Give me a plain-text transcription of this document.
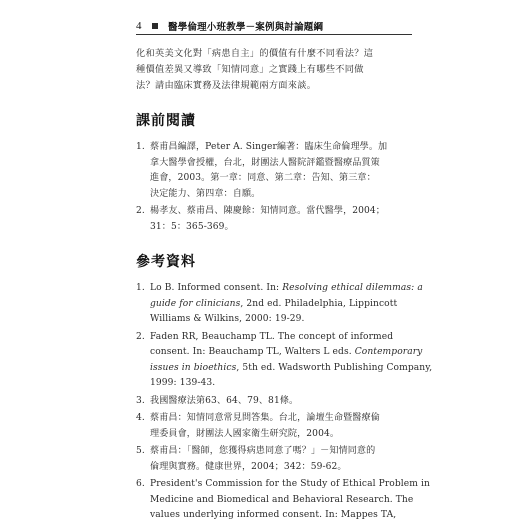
4	醫學倫理小班教學－案例與討論題綱

化和英美文化對「病患自主」的價值有什麼不同看法？這
種價值差異又導致「知情同意」之實踐上有哪些不同做
法？請由臨床實務及法律規範兩方面來談。

課前閱讀
1. 蔡甫昌編譯，Peter A. Singer編著：臨床生命倫理學。加
拿大醫學會授權，台北，財團法人醫院評鑑暨醫療品質策
進會，2003。第一章：同意、第二章：告知、第三章：
決定能力、第四章：自願。
2. 楊孝友、蔡甫昌、陳慶餘：知情同意。當代醫學，2004；
31：5：365-369。
參考資料
1. Lo B. Informed consent. In: Resolving ethical dilemmas: a
guide for clinicians, 2nd ed. Philadelphia, Lippincott
Williams & Wilkins, 2000: 19-29.
2. Faden RR, Beauchamp TL. The concept of informed
consent. In: Beauchamp TL, Walters L eds. Contemporary
issues in bioethics, 5th ed. Wadsworth Publishing Company,
1999: 139-43.
3. 我國醫療法第63、64、79、81條。
4. 蔡甫昌：知情同意常見問答集。台北，論壇生命暨醫療倫
理委員會，財團法人國家衛生研究院，2004。
5. 蔡甫昌：「醫師，您獲得病患同意了嗎？」－知情同意的
倫理與實務。健康世界，2004；342：59-62。
6. President's Commission for the Study of Ethical Problem in
Medicine and Biomedical and Behavioral Research. The
values underlying informed consent. In: Mappes TA,
